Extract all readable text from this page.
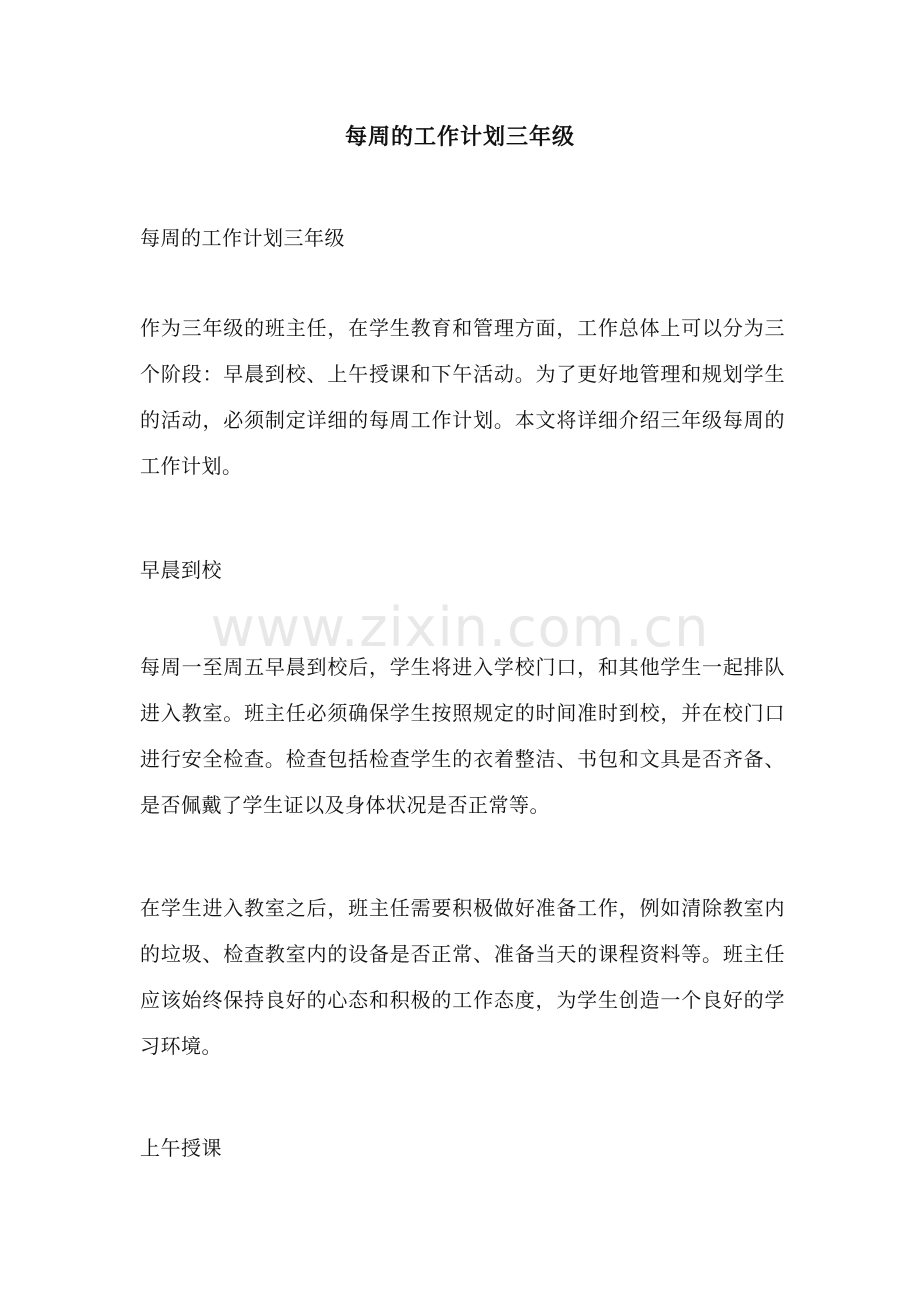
每周的工作计划三年级
每周的工作计划三年级
作为三年级的班主任，在学生教育和管理方面，工作总体上可以分为三个阶段：早晨到校、上午授课和下午活动。为了更好地管理和规划学生的活动，必须制定详细的每周工作计划。本文将详细介绍三年级每周的工作计划。
早晨到校
每周一至周五早晨到校后，学生将进入学校门口，和其他学生一起排队进入教室。班主任必须确保学生按照规定的时间准时到校，并在校门口进行安全检查。检查包括检查学生的衣着整洁、书包和文具是否齐备、是否佩戴了学生证以及身体状况是否正常等。
在学生进入教室之后，班主任需要积极做好准备工作，例如清除教室内的垃圾、检查教室内的设备是否正常、准备当天的课程资料等。班主任应该始终保持良好的心态和积极的工作态度，为学生创造一个良好的学习环境。
上午授课
www.zixin.com.cn
